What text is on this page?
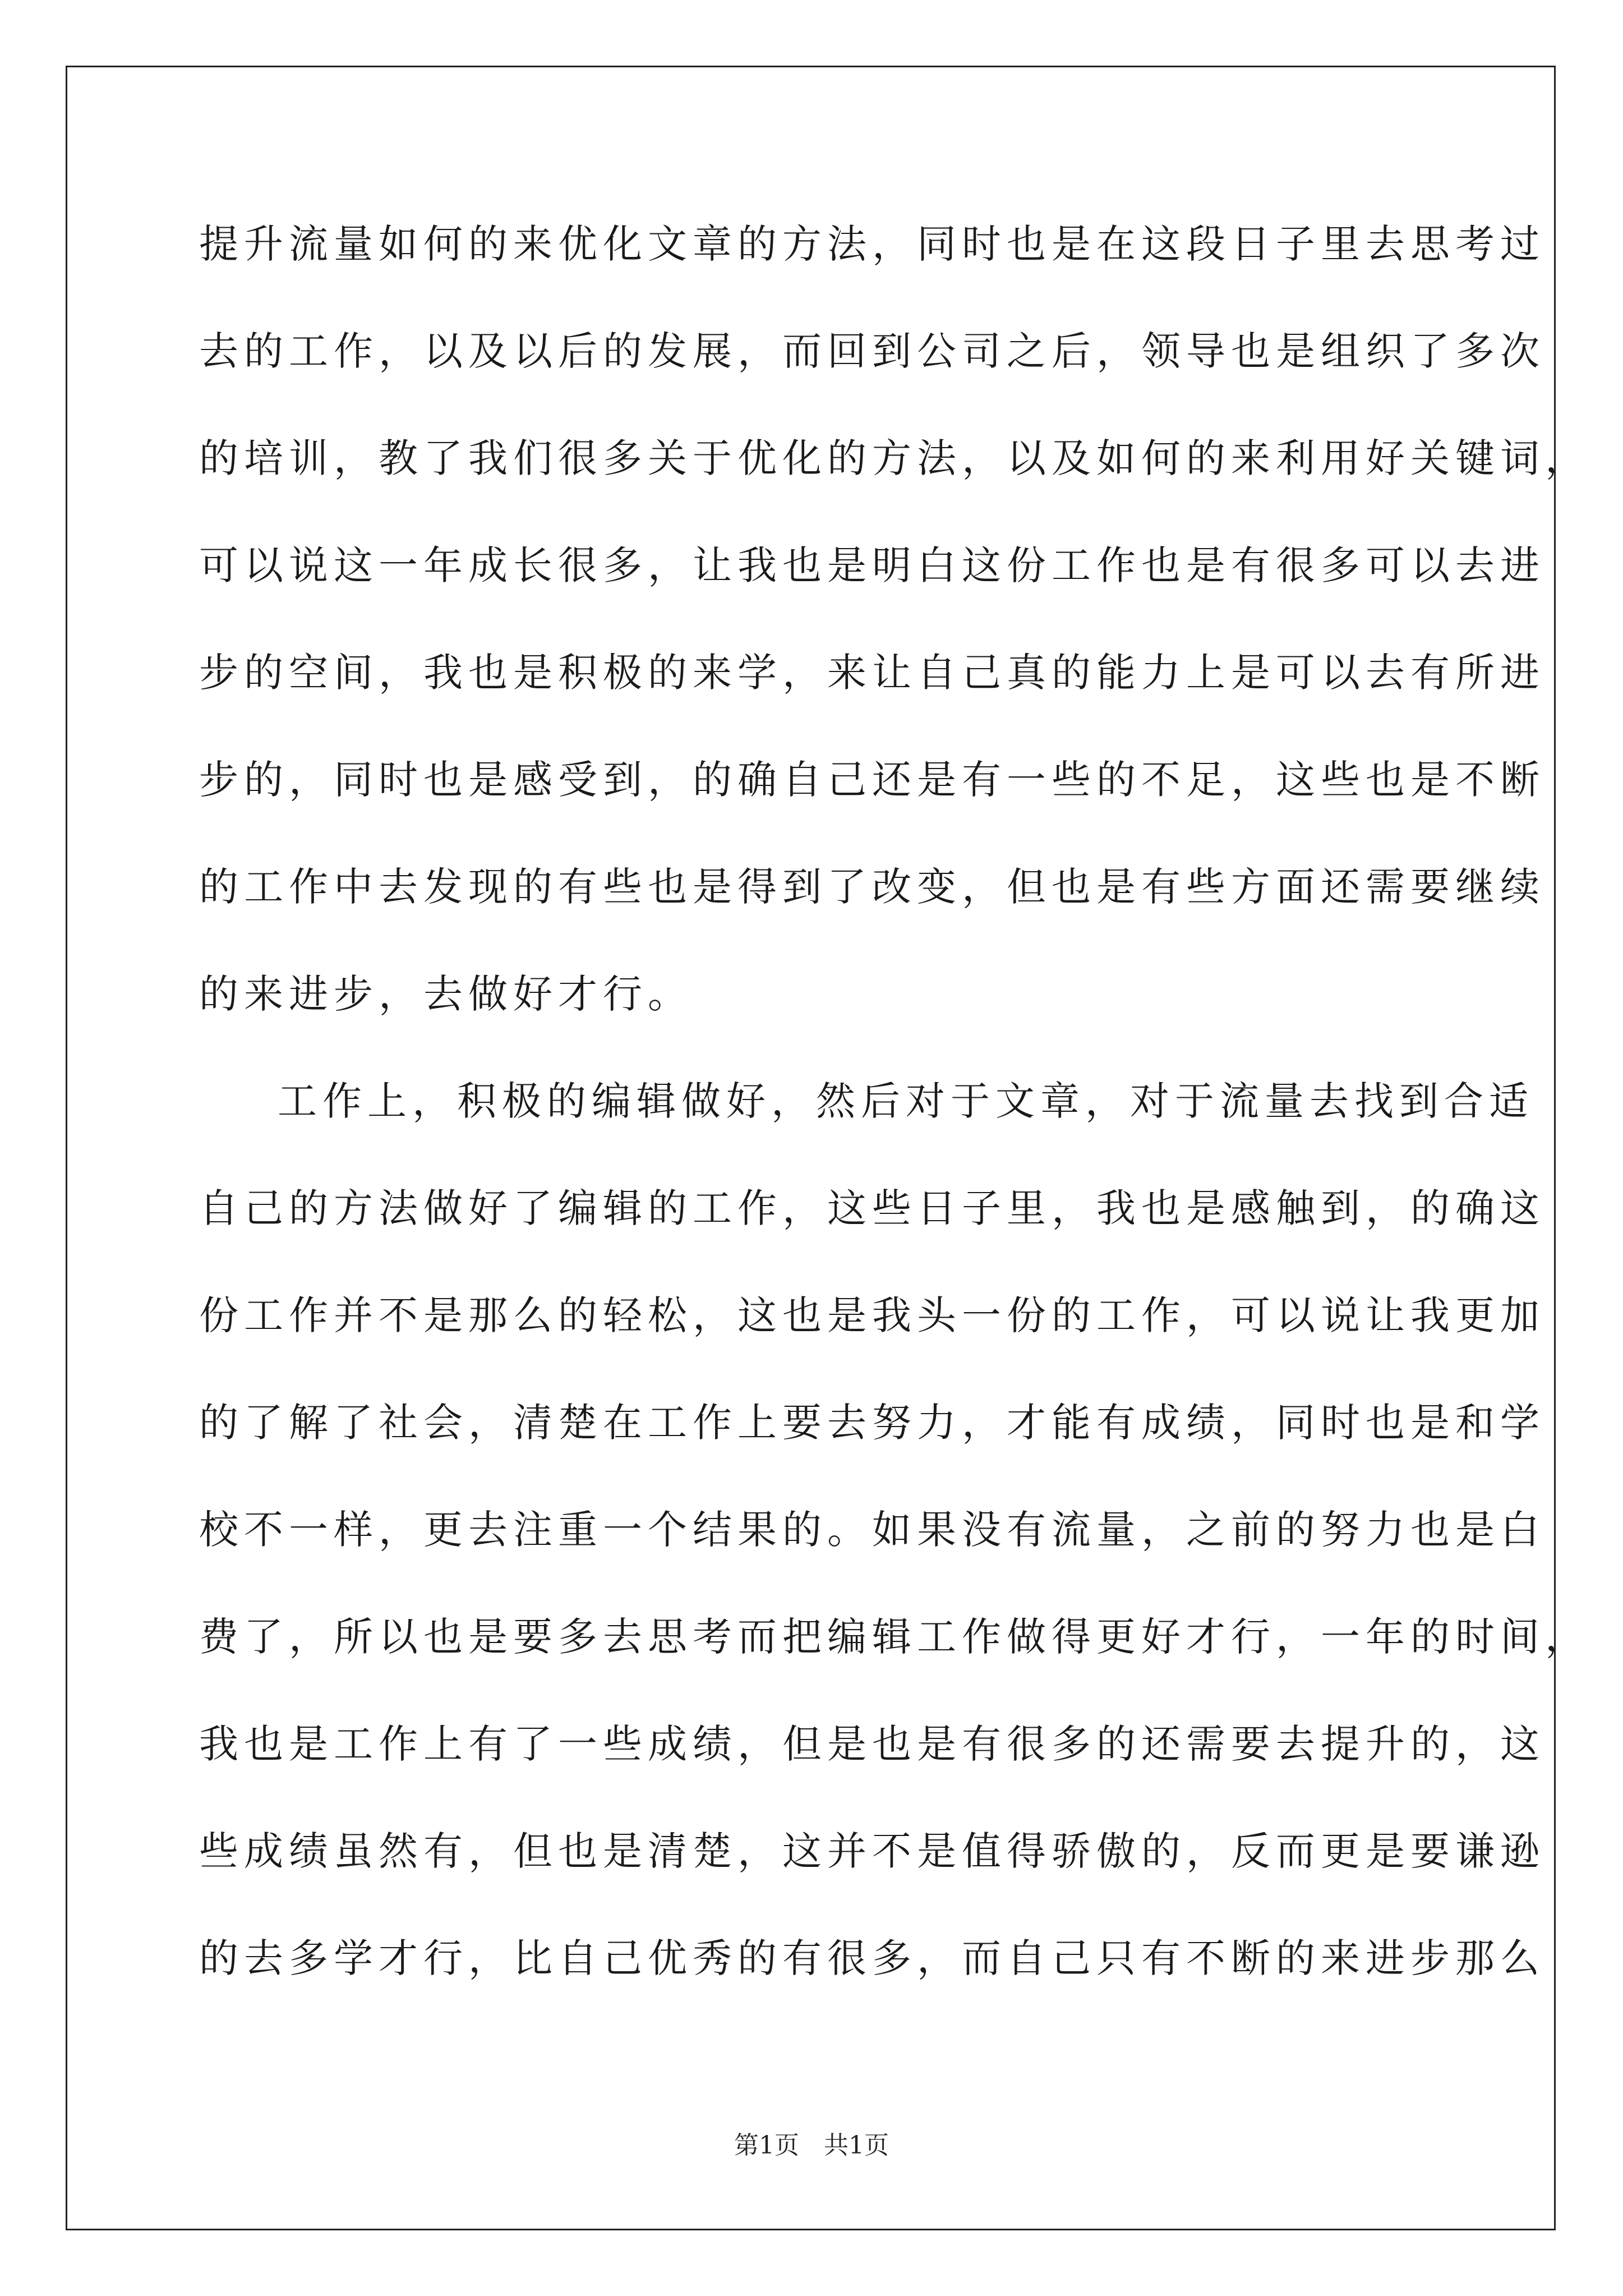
提升流量如何的来优化文章的方法，同时也是在这段日子里去思考过
去的工作，以及以后的发展，而回到公司之后，领导也是组织了多次
的培训，教了我们很多关于优化的方法，以及如何的来利用好关键词，
可以说这一年成长很多，让我也是明白这份工作也是有很多可以去进
步的空间，我也是积极的来学，来让自己真的能力上是可以去有所进
步的，同时也是感受到，的确自己还是有一些的不足，这些也是不断
的工作中去发现的有些也是得到了改变，但也是有些方面还需要继续
的来进步，去做好才行。
工作上，积极的编辑做好，然后对于文章，对于流量去找到合适
自己的方法做好了编辑的工作，这些日子里，我也是感触到，的确这
份工作并不是那么的轻松，这也是我头一份的工作，可以说让我更加
的了解了社会，清楚在工作上要去努力，才能有成绩，同时也是和学
校不一样，更去注重一个结果的。如果没有流量，之前的努力也是白
费了，所以也是要多去思考而把编辑工作做得更好才行，一年的时间，
我也是工作上有了一些成绩，但是也是有很多的还需要去提升的，这
些成绩虽然有，但也是清楚，这并不是值得骄傲的，反而更是要谦逊
的去多学才行，比自己优秀的有很多，而自己只有不断的来进步那么
第1页　共1页
